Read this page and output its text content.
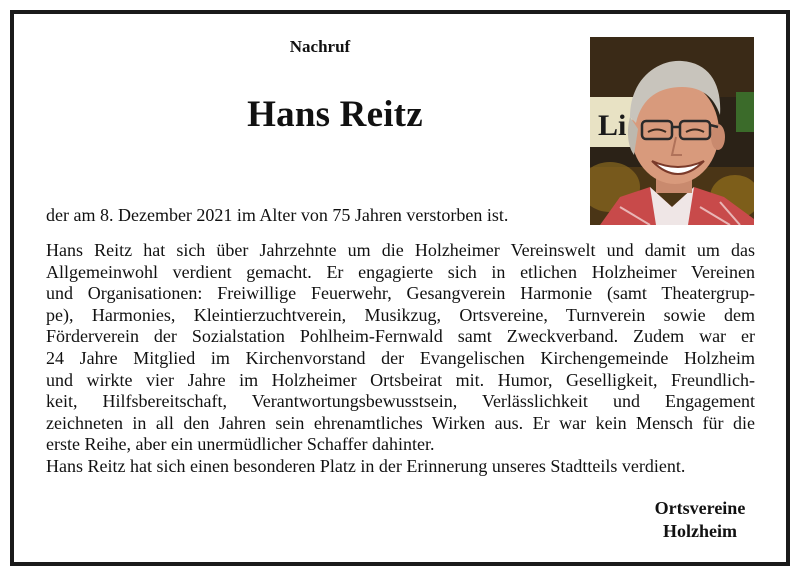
Nachruf
Hans Reitz	Li
der am 8. Dezember 2021 im Alter von 75 Jahren verstorben ist.
Hans Reitz hat sich über Jahrzehnte um die Holzheimer Vereinswelt und damit um das
Allgemeinwohl verdient gemacht. Er engagierte sich in etlichen Holzheimer Vereinen
und Organisationen: Freiwillige Feuerwehr, Gesangverein Harmonie (samt Theatergrup-
pe), Harmonies, Kleintierzuchtverein, Musikzug, Ortsvereine, Turnverein sowie dem
Förderverein der Sozialstation Pohlheim-Fernwald samt Zweckverband. Zudem war er
24 Jahre Mitglied im Kirchenvorstand der Evangelischen Kirchengemeinde Holzheim
und wirkte vier Jahre im Holzheimer Ortsbeirat mit. Humor, Geselligkeit, Freundlich-
keit, Hilfsbereitschaft, Verantwortungsbewusstsein, Verlässlichkeit und Engagement
zeichneten in all den Jahren sein ehrenamtliches Wirken aus. Er war kein Mensch für die
erste Reihe, aber ein unermüdlicher Schaffer dahinter.
Hans Reitz hat sich einen besonderen Platz in der Erinnerung unseres Stadtteils verdient.
Ortsvereine
Holzheim
